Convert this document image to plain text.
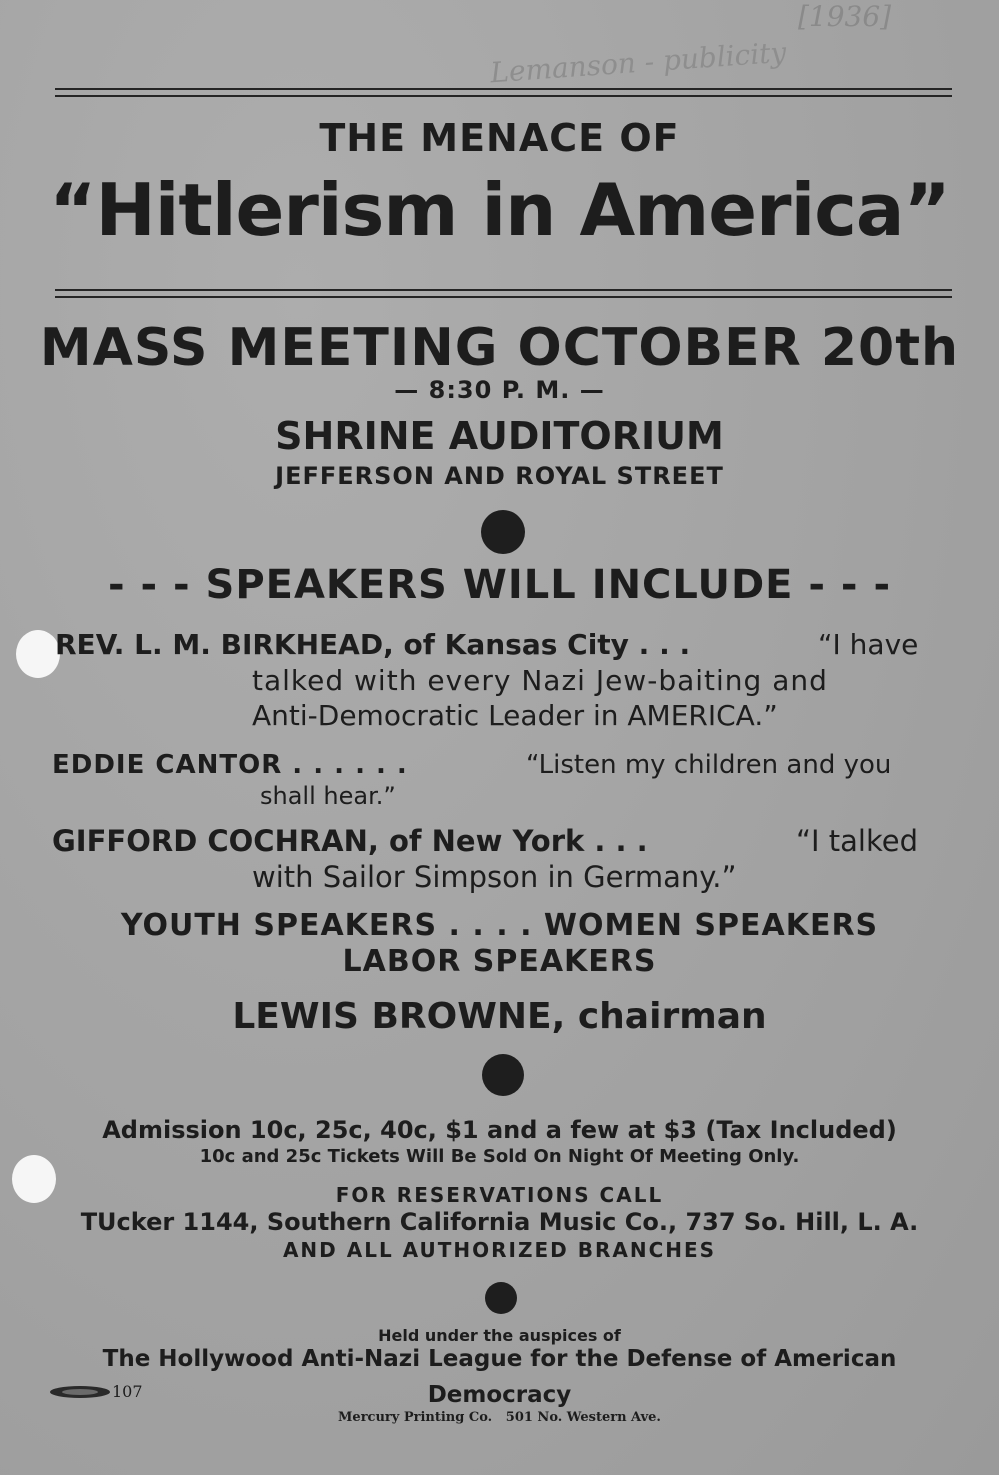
[1936]
Lemanson - publicity
THE MENACE OF
“Hitlerism in America”
MASS MEETING OCTOBER 20th
— 8:30 P. M. —
SHRINE AUDITORIUM
JEFFERSON AND ROYAL STREET
- - - SPEAKERS WILL INCLUDE - - -
REV. L. M. BIRKHEAD, of Kansas City . . .	“I have
talked with every Nazi Jew-baiting and
Anti-Democratic Leader in AMERICA.”
EDDIE CANTOR . . . . . .	“Listen my children and you
shall hear.”
GIFFORD COCHRAN, of New York . . .	“I talked
with Sailor Simpson in Germany.”
YOUTH SPEAKERS . . . . WOMEN SPEAKERS
LABOR SPEAKERS
LEWIS BROWNE, chairman
Admission 10c, 25c, 40c, $1 and a few at $3 (Tax Included)
10c and 25c Tickets Will Be Sold On Night Of Meeting Only.
FOR RESERVATIONS CALL
TUcker 1144, Southern California Music Co., 737 So. Hill, L. A.
AND ALL AUTHORIZED BRANCHES
Held under the auspices of
The Hollywood Anti-Nazi League for the Defense of American
Democracy
107
Mercury Printing Co.   501 No. Western Ave.
